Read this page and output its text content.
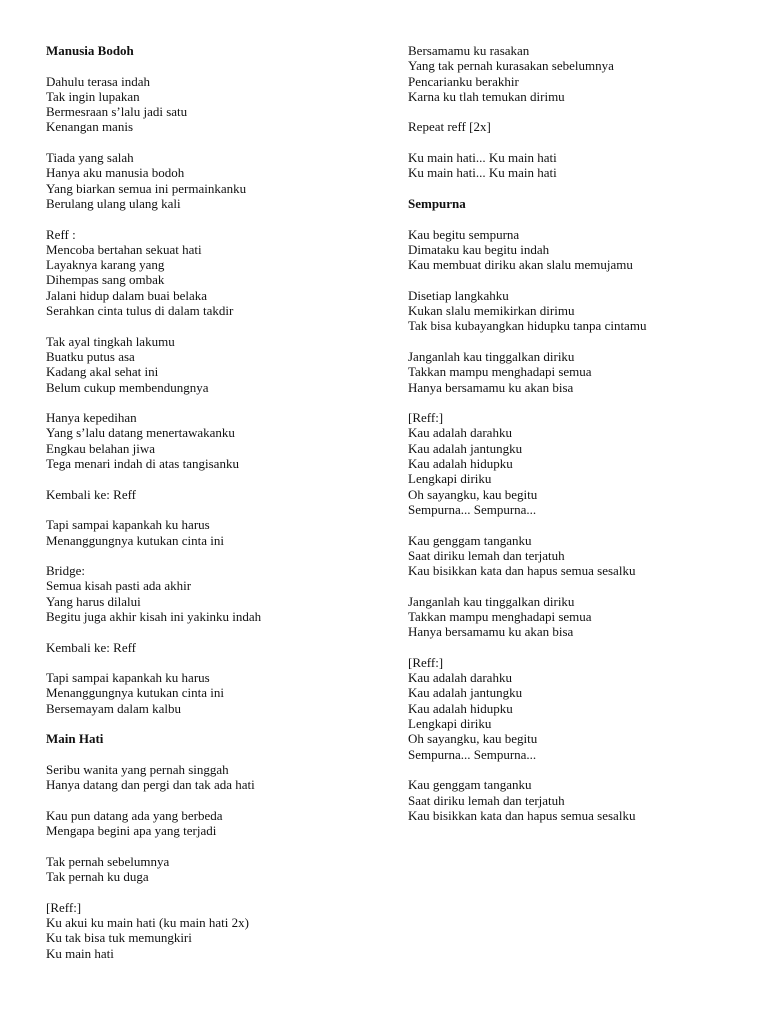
Manusia Bodoh
Dahulu terasa indah
Tak ingin lupakan
Bermesraan s’lalu jadi satu
Kenangan manis
Tiada yang salah
Hanya aku manusia bodoh
Yang biarkan semua ini permainkanku
Berulang ulang ulang kali
Reff :
Mencoba bertahan sekuat hati
Layaknya karang yang
Dihempas sang ombak
Jalani hidup dalam buai belaka
Serahkan cinta tulus di dalam takdir
Tak ayal tingkah lakumu
Buatku putus asa
Kadang akal sehat ini
Belum cukup membendungnya
Hanya kepedihan
Yang s’lalu datang menertawakanku
Engkau belahan jiwa
Tega menari indah di atas tangisanku
Kembali ke: Reff
Tapi sampai kapankah ku harus
Menanggungnya kutukan cinta ini
Bridge:
Semua kisah pasti ada akhir
Yang harus dilalui
Begitu juga akhir kisah ini yakinku indah
Kembali ke: Reff
Tapi sampai kapankah ku harus
Menanggungnya kutukan cinta ini
Bersemayam dalam kalbu
Main Hati
Seribu wanita yang pernah singgah
Hanya datang dan pergi dan tak ada hati
Kau pun datang ada yang berbeda
Mengapa begini apa yang terjadi
Tak pernah sebelumnya
Tak pernah ku duga
[Reff:]
Ku akui ku main hati (ku main hati 2x)
Ku tak bisa tuk memungkiri
Ku main hati
Bersamamu ku rasakan
Yang tak pernah kurasakan sebelumnya
Pencarianku berakhir
Karna ku tlah temukan dirimu
Repeat reff [2x]
Ku main hati... Ku main hati
Ku main hati... Ku main hati
Sempurna
Kau begitu sempurna
Dimataku kau begitu indah
Kau membuat diriku akan slalu memujamu
Disetiap langkahku
Kukan slalu memikirkan dirimu
Tak bisa kubayangkan hidupku tanpa cintamu
Janganlah kau tinggalkan diriku
Takkan mampu menghadapi semua
Hanya bersamamu ku akan bisa
[Reff:]
Kau adalah darahku
Kau adalah jantungku
Kau adalah hidupku
Lengkapi diriku
Oh sayangku, kau begitu
Sempurna... Sempurna...
Kau genggam tanganku
Saat diriku lemah dan terjatuh
Kau bisikkan kata dan hapus semua sesalku
Janganlah kau tinggalkan diriku
Takkan mampu menghadapi semua
Hanya bersamamu ku akan bisa
[Reff:]
Kau adalah darahku
Kau adalah jantungku
Kau adalah hidupku
Lengkapi diriku
Oh sayangku, kau begitu
Sempurna... Sempurna...
Kau genggam tanganku
Saat diriku lemah dan terjatuh
Kau bisikkan kata dan hapus semua sesalku
